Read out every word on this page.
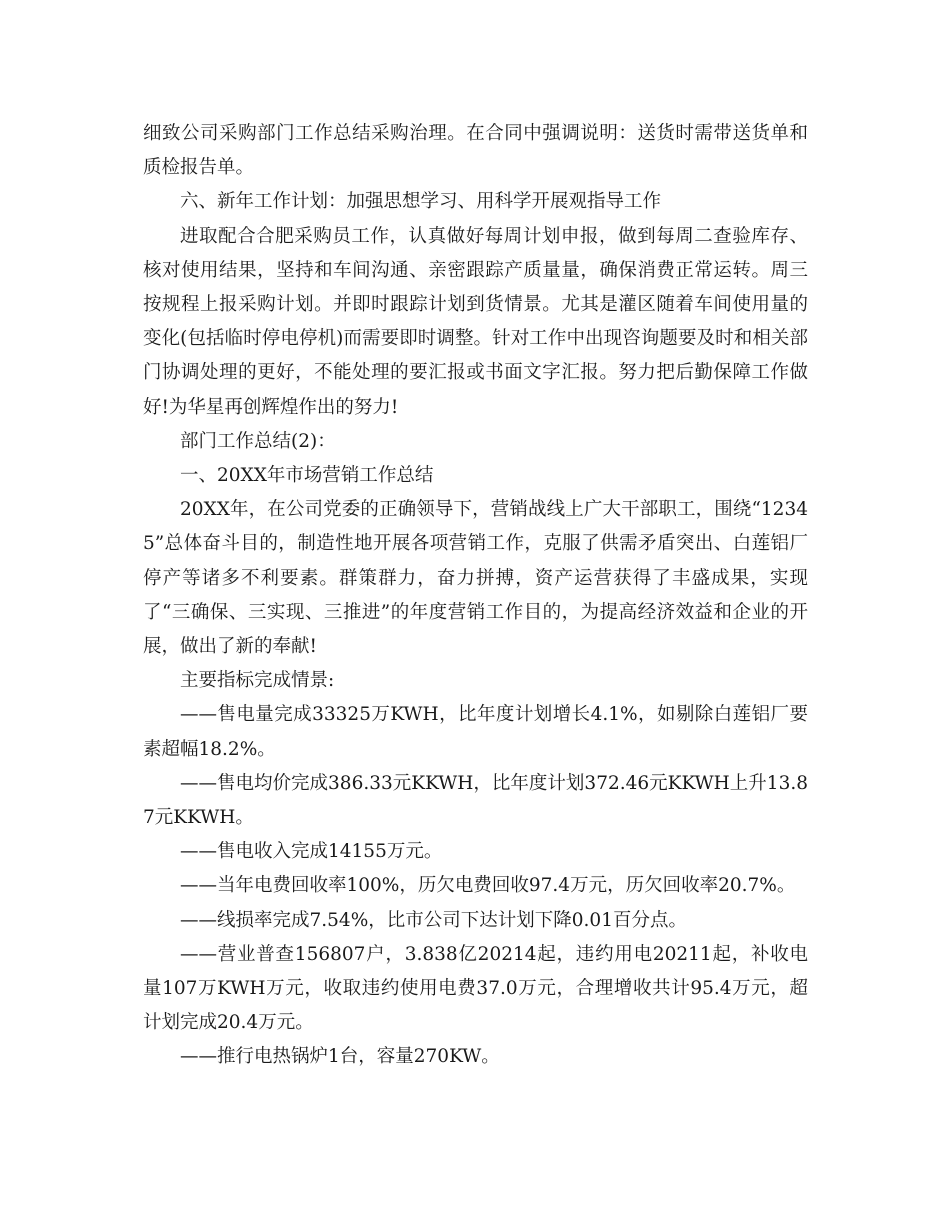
细致公司采购部门工作总结采购治理。在合同中强调说明：送货时需带送货单和质检报告单。

六、新年工作计划：加强思想学习、用科学开展观指导工作

进取配合合肥采购员工作，认真做好每周计划申报，做到每周二查验库存、核对使用结果，坚持和车间沟通、亲密跟踪产质量量，确保消费正常运转。周三按规程上报采购计划。并即时跟踪计划到货情景。尤其是灌区随着车间使用量的变化(包括临时停电停机)而需要即时调整。针对工作中出现咨询题要及时和相关部门协调处理的更好，不能处理的要汇报或书面文字汇报。努力把后勤保障工作做好!为华星再创辉煌作出的努力!

部门工作总结(2)：

一、20XX年市场营销工作总结

20XX年，在公司党委的正确领导下，营销战线上广大干部职工，围绕“12345”总体奋斗目的，制造性地开展各项营销工作，克服了供需矛盾突出、白莲铝厂停产等诸多不利要素。群策群力，奋力拼搏，资产运营获得了丰盛成果，实现了“三确保、三实现、三推进”的年度营销工作目的，为提高经济效益和企业的开展，做出了新的奉献!

主要指标完成情景:

——售电量完成33325万KWH，比年度计划增长4.1%，如剔除白莲铝厂要素超幅18.2%。

——售电均价完成386.33元KKWH，比年度计划372.46元KKWH上升13.87元KKWH。

——售电收入完成14155万元。

——当年电费回收率100%，历欠电费回收97.4万元，历欠回收率20.7%。

——线损率完成7.54%，比市公司下达计划下降0.01百分点。

——营业普查156807户，3.838亿20214起，违约用电20211起，补收电量107万KWH万元，收取违约使用电费37.0万元，合理增收共计95.4万元，超计划完成20.4万元。

——推行电热锅炉1台，容量270KW。
